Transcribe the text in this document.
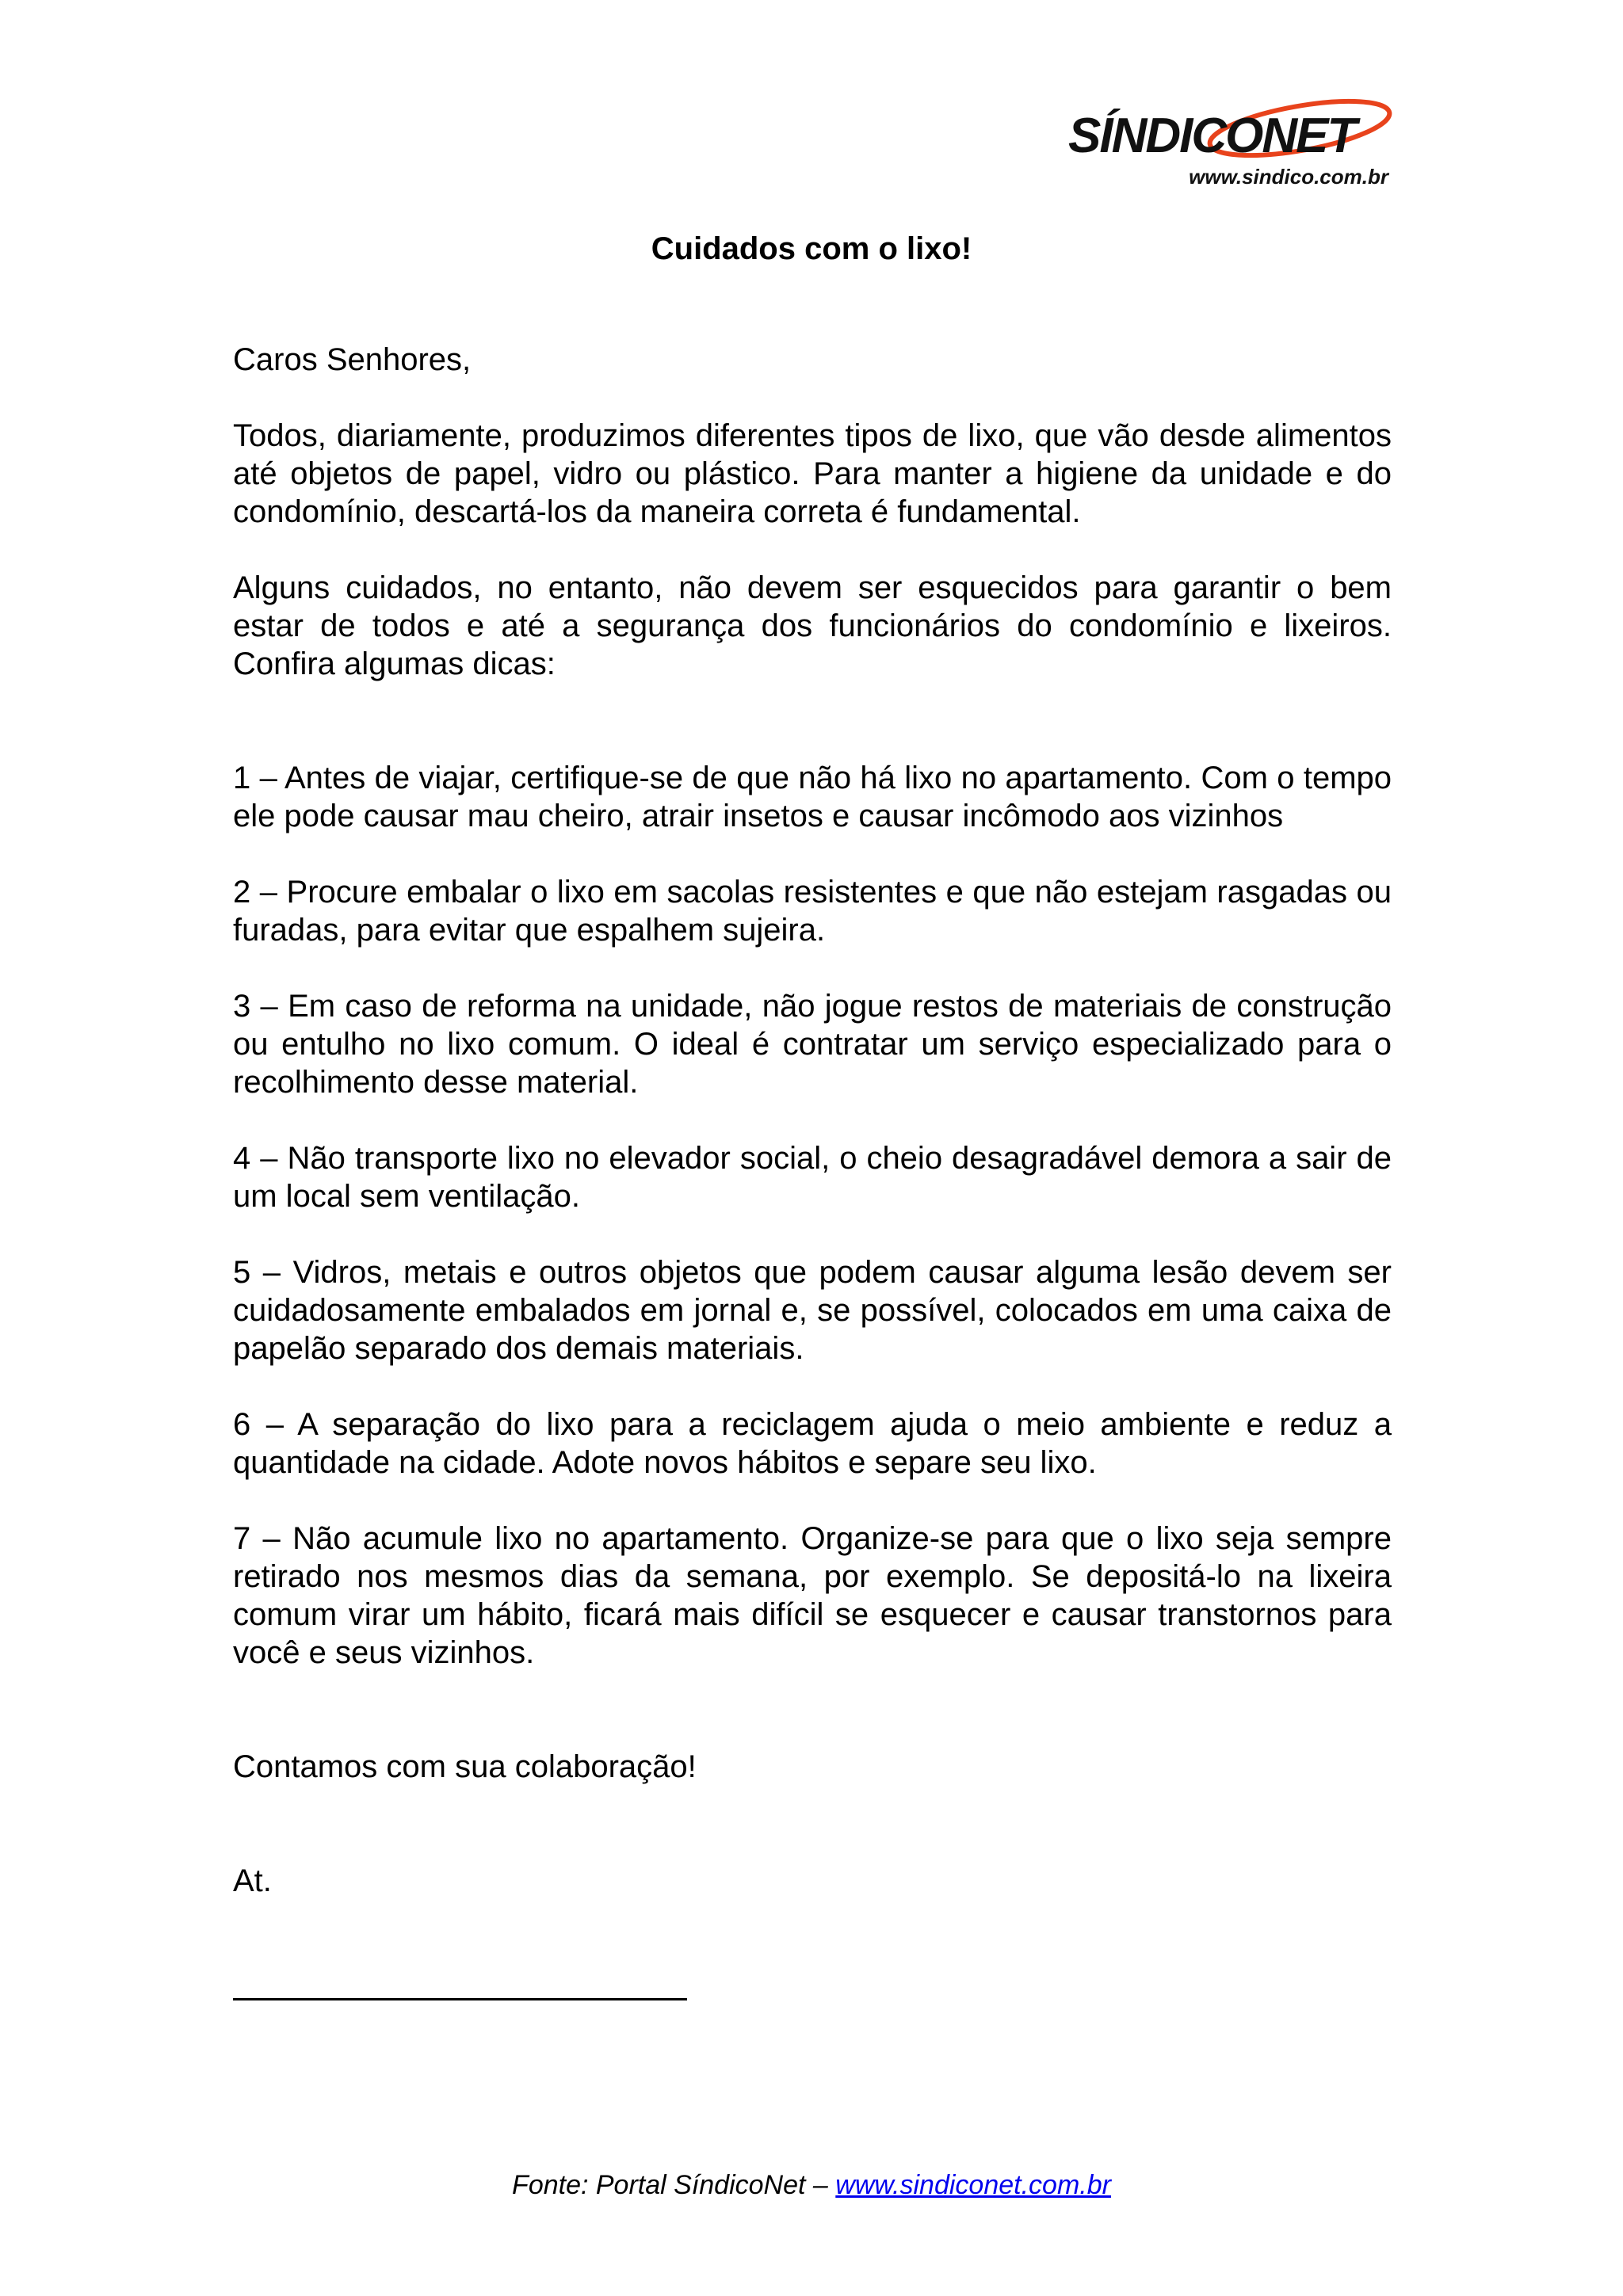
SÍNDICONET
www.sindico.com.br
Cuidados com o lixo!

Caros Senhores,

Todos, diariamente, produzimos diferentes tipos de lixo, que vão desde alimentos até objetos de papel, vidro ou plástico. Para manter a higiene da unidade e do condomínio, descartá-los da maneira correta é fundamental.

Alguns cuidados, no entanto, não devem ser esquecidos para garantir o bem estar de todos e até a segurança dos funcionários do condomínio e lixeiros. Confira algumas dicas:

1 – Antes de viajar, certifique-se de que não há lixo no apartamento. Com o tempo ele pode causar mau cheiro, atrair insetos e causar incômodo aos vizinhos

2 – Procure embalar o lixo em sacolas resistentes e que não estejam rasgadas ou furadas, para evitar que espalhem sujeira.

3 – Em caso de reforma na unidade, não jogue restos de materiais de construção ou entulho no lixo comum. O ideal é contratar um serviço especializado para o recolhimento desse material.

4 – Não transporte lixo no elevador social, o cheio desagradável demora a sair de um local sem ventilação.

5 – Vidros, metais e outros objetos que podem causar alguma lesão devem ser cuidadosamente embalados em jornal e, se possível, colocados em uma caixa de papelão separado dos demais materiais.

6 – A separação do lixo para a reciclagem ajuda o meio ambiente e reduz a quantidade na cidade. Adote novos hábitos e separe seu lixo.

7 – Não acumule lixo no apartamento. Organize-se para que o lixo seja sempre retirado nos mesmos dias da semana, por exemplo. Se depositá-lo na lixeira comum virar um hábito, ficará mais difícil se esquecer e causar transtornos para você e seus vizinhos.

Contamos com sua colaboração!

At.

Fonte: Portal SíndicoNet – www.sindiconet.com.br
